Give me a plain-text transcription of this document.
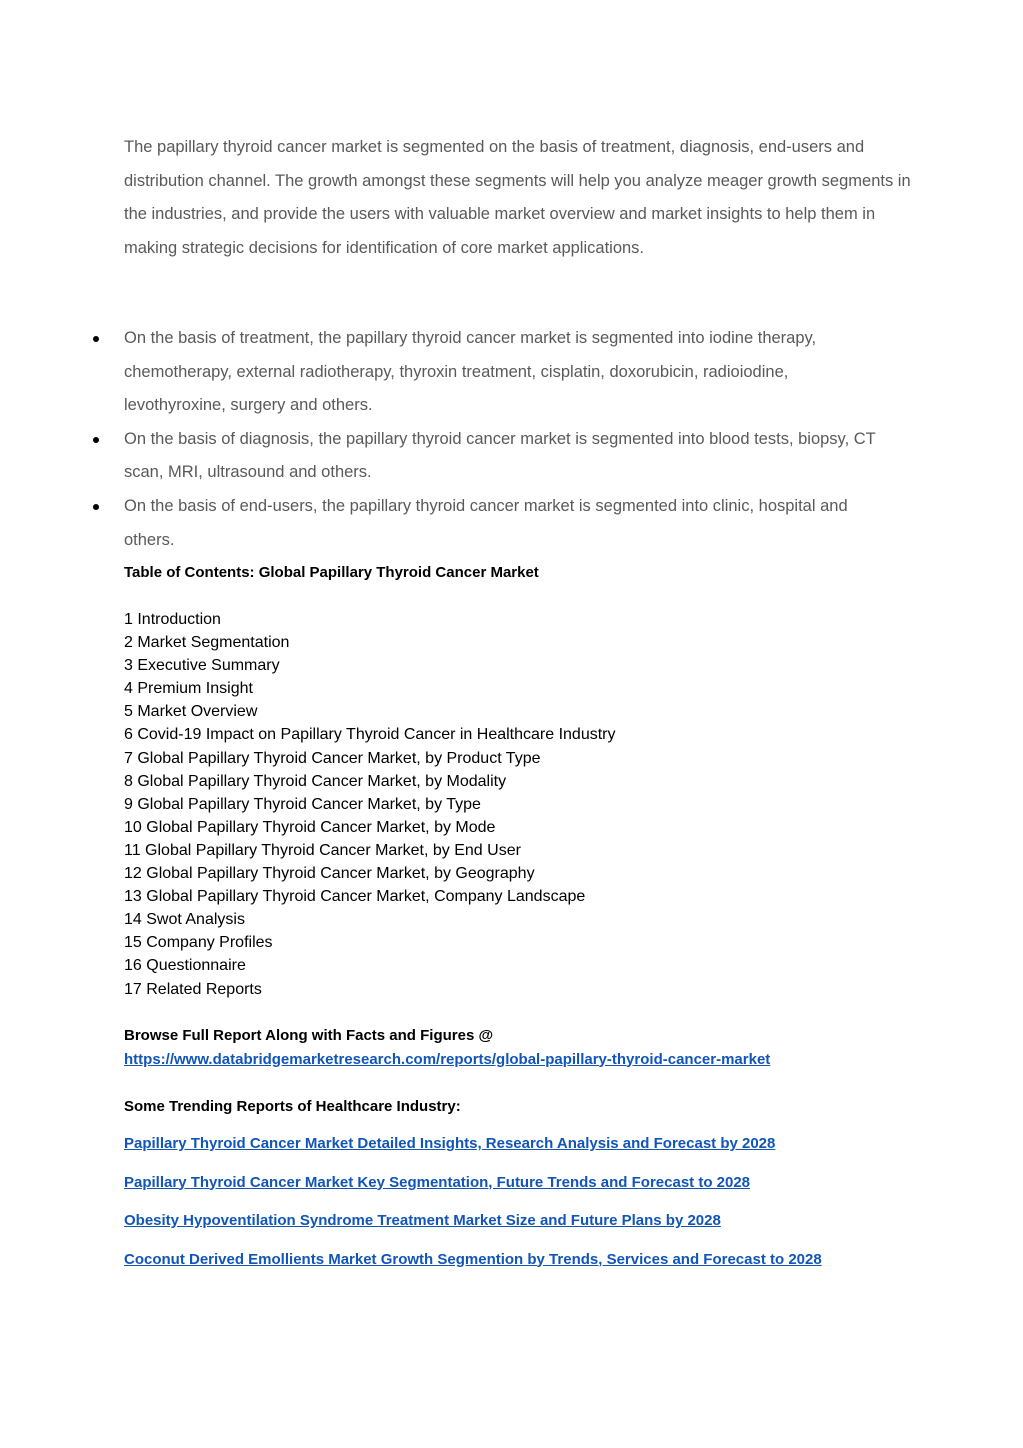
The papillary thyroid cancer market is segmented on the basis of treatment, diagnosis, end-users and distribution channel. The growth amongst these segments will help you analyze meager growth segments in the industries, and provide the users with valuable market overview and market insights to help them in making strategic decisions for identification of core market applications.

On the basis of treatment, the papillary thyroid cancer market is segmented into iodine therapy, chemotherapy, external radiotherapy, thyroxin treatment, cisplatin, doxorubicin, radioiodine, levothyroxine, surgery and others.
On the basis of diagnosis, the papillary thyroid cancer market is segmented into blood tests, biopsy, CT scan, MRI, ultrasound and others.
On the basis of end-users, the papillary thyroid cancer market is segmented into clinic, hospital and others.
Table of Contents: Global Papillary Thyroid Cancer Market
1 Introduction
2 Market Segmentation
3 Executive Summary
4 Premium Insight
5 Market Overview
6 Covid-19 Impact on Papillary Thyroid Cancer in Healthcare Industry
7 Global Papillary Thyroid Cancer Market, by Product Type
8 Global Papillary Thyroid Cancer Market, by Modality
9 Global Papillary Thyroid Cancer Market, by Type
10 Global Papillary Thyroid Cancer Market, by Mode
11 Global Papillary Thyroid Cancer Market, by End User
12 Global Papillary Thyroid Cancer Market, by Geography
13 Global Papillary Thyroid Cancer Market, Company Landscape
14 Swot Analysis
15 Company Profiles
16 Questionnaire
17 Related Reports
Browse Full Report Along with Facts and Figures @
https://www.databridgemarketresearch.com/reports/global-papillary-thyroid-cancer-market
Some Trending Reports of Healthcare Industry:
Papillary Thyroid Cancer Market Detailed Insights, Research Analysis and Forecast by 2028
Papillary Thyroid Cancer Market Key Segmentation, Future Trends and Forecast to 2028
Obesity Hypoventilation Syndrome Treatment Market Size and Future Plans by 2028
Coconut Derived Emollients Market Growth Segmention by Trends, Services and Forecast to 2028
